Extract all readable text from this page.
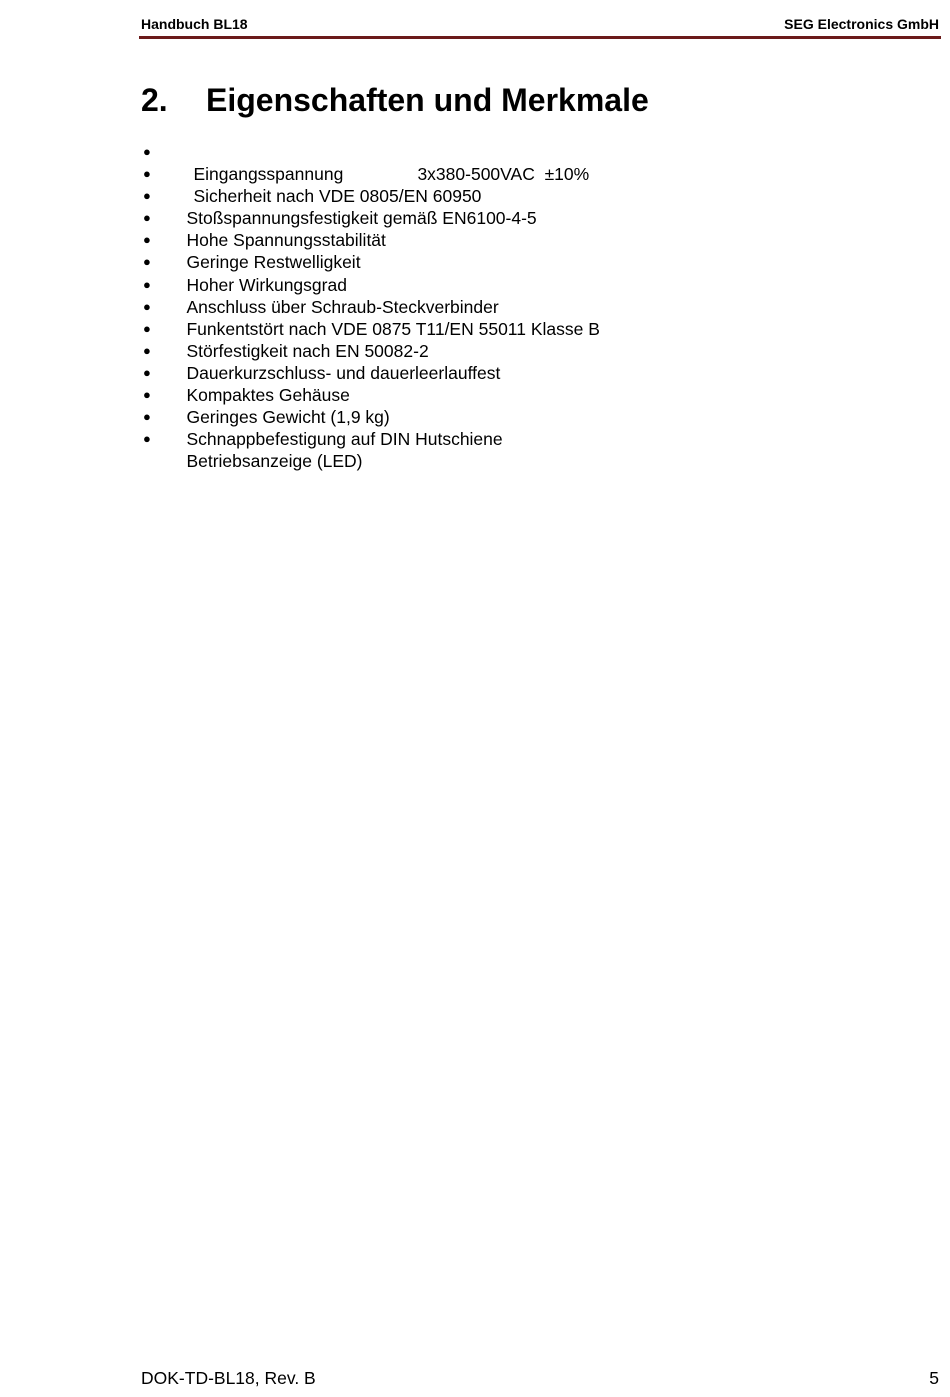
Handbuch BL18	SEG Electronics GmbH
2. Eigenschaften und Merkmale

●
Eingangsspannung	3x380-500VAC  ±10%

●
Sicherheit nach VDE 0805/EN 60950

●
Stoßspannungsfestigkeit gemäß EN6100-4-5

●
Hohe Spannungsstabilität

●
Geringe Restwelligkeit

●
Hoher Wirkungsgrad

●
Anschluss über Schraub-Steckverbinder

●
Funkentstört nach VDE 0875 T11/EN 55011 Klasse B

●
Störfestigkeit nach EN 50082-2

●
Dauerkurzschluss- und dauerleerlauffest

●
Kompaktes Gehäuse

●
Geringes Gewicht (1,9 kg)

●
Schnappbefestigung auf DIN Hutschiene

●
Betriebsanzeige (LED)

DOK-TD-BL18, Rev. B	5
